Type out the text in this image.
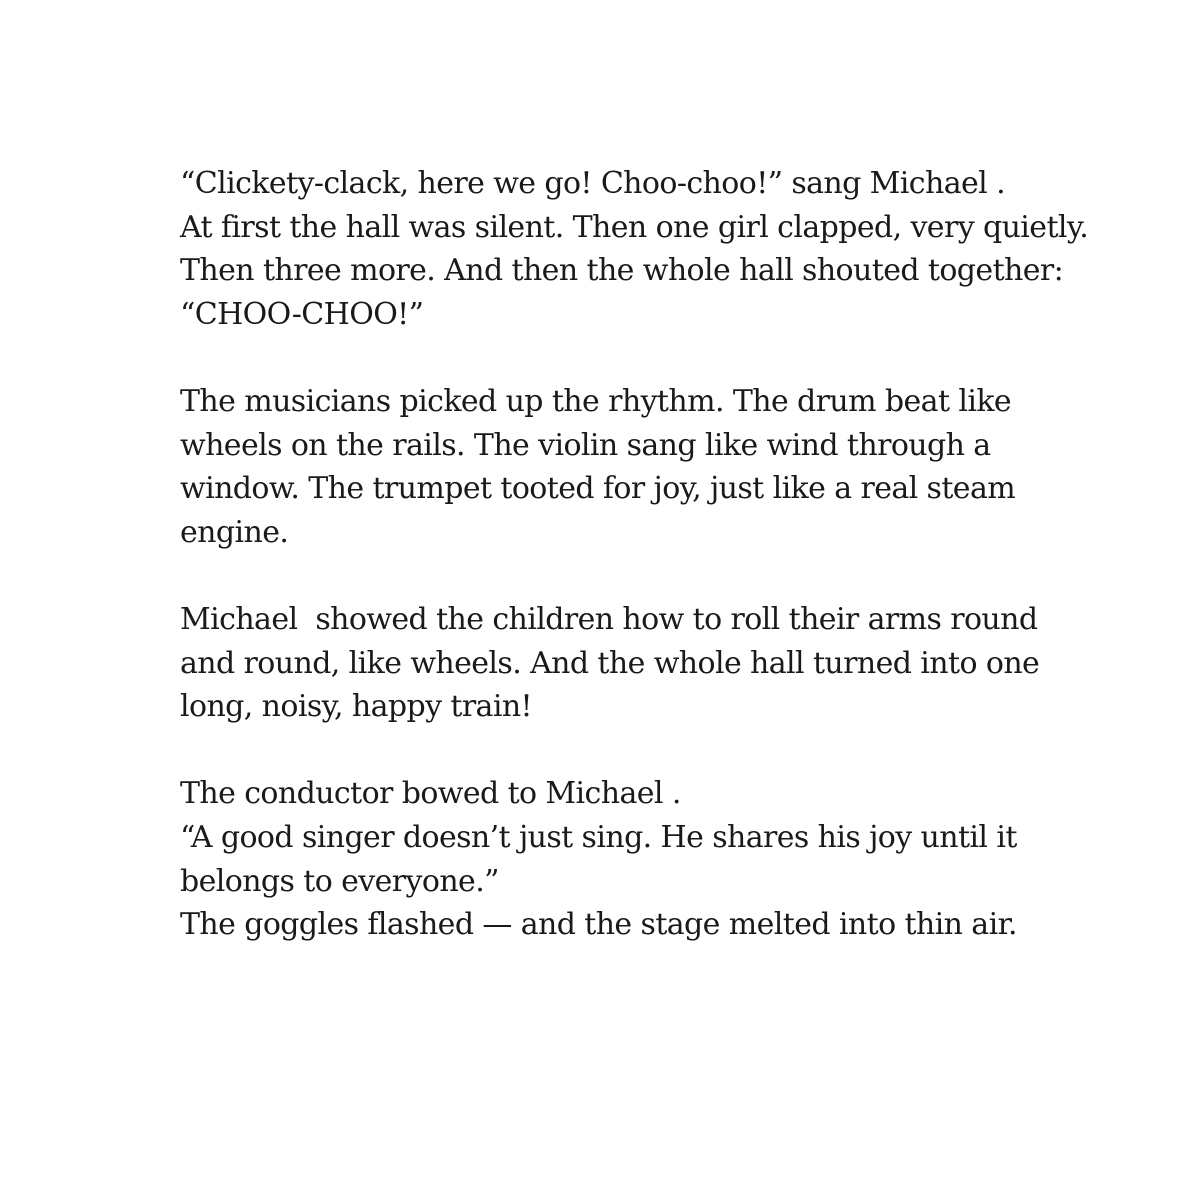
“Clickety-clack, here we go! Choo-choo!” sang Michael .
At first the hall was silent. Then one girl clapped, very quietly.
Then three more. And then the whole hall shouted together:
“CHOO-CHOO!”

The musicians picked up the rhythm. The drum beat like
wheels on the rails. The violin sang like wind through a
window. The trumpet tooted for joy, just like a real steam
engine.

Michael  showed the children how to roll their arms round
and round, like wheels. And the whole hall turned into one
long, noisy, happy train!

The conductor bowed to Michael .
“A good singer doesn’t just sing. He shares his joy until it
belongs to everyone.”
The goggles flashed — and the stage melted into thin air.
